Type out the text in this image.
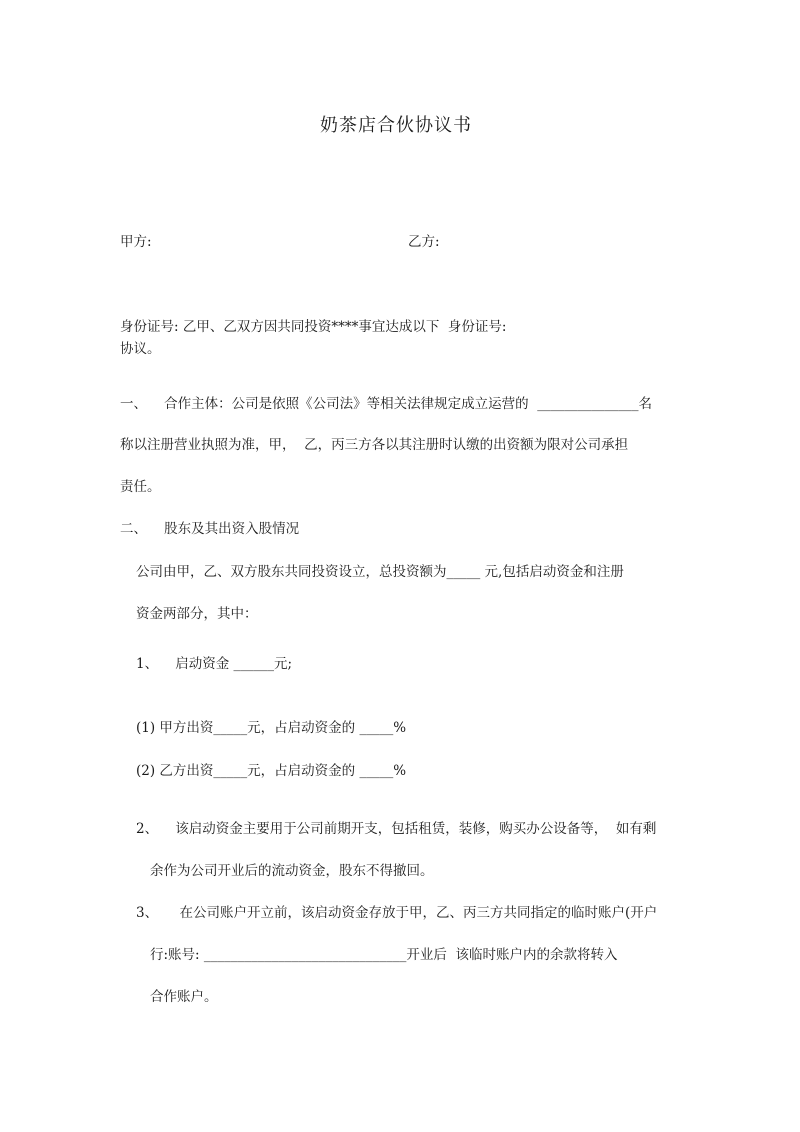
奶茶店合伙协议书
甲方:	乙方:
身份证号: 乙甲、乙双方因共同投资****事宜达成以下  身份证号:
协议。
一、    合作主体：公司是依照《公司法》等相关法律规定成立运营的  _______________名
称以注册营业执照为准，甲，  乙，丙三方各以其注册时认缴的出资额为限对公司承担
责任。
二、    股东及其出资入股情况
公司由甲，乙、双方股东共同投资设立，总投资额为_____ 元,包括启动资金和注册
资金两部分，其中：
1、    启动资金 ______元;
(1) 甲方出资_____元，占启动资金的 _____%
(2) 乙方出资_____元，占启动资金的 _____%
2、    该启动资金主要用于公司前期开支，包括租赁，装修，购买办公设备等，  如有剩
余作为公司开业后的流动资金，股东不得撤回。
3、     在公司账户开立前，该启动资金存放于甲，乙、丙三方共同指定的临时账户(开户
行:账号: ______________________________开业后  该临时账户内的余款将转入
合作账户。
